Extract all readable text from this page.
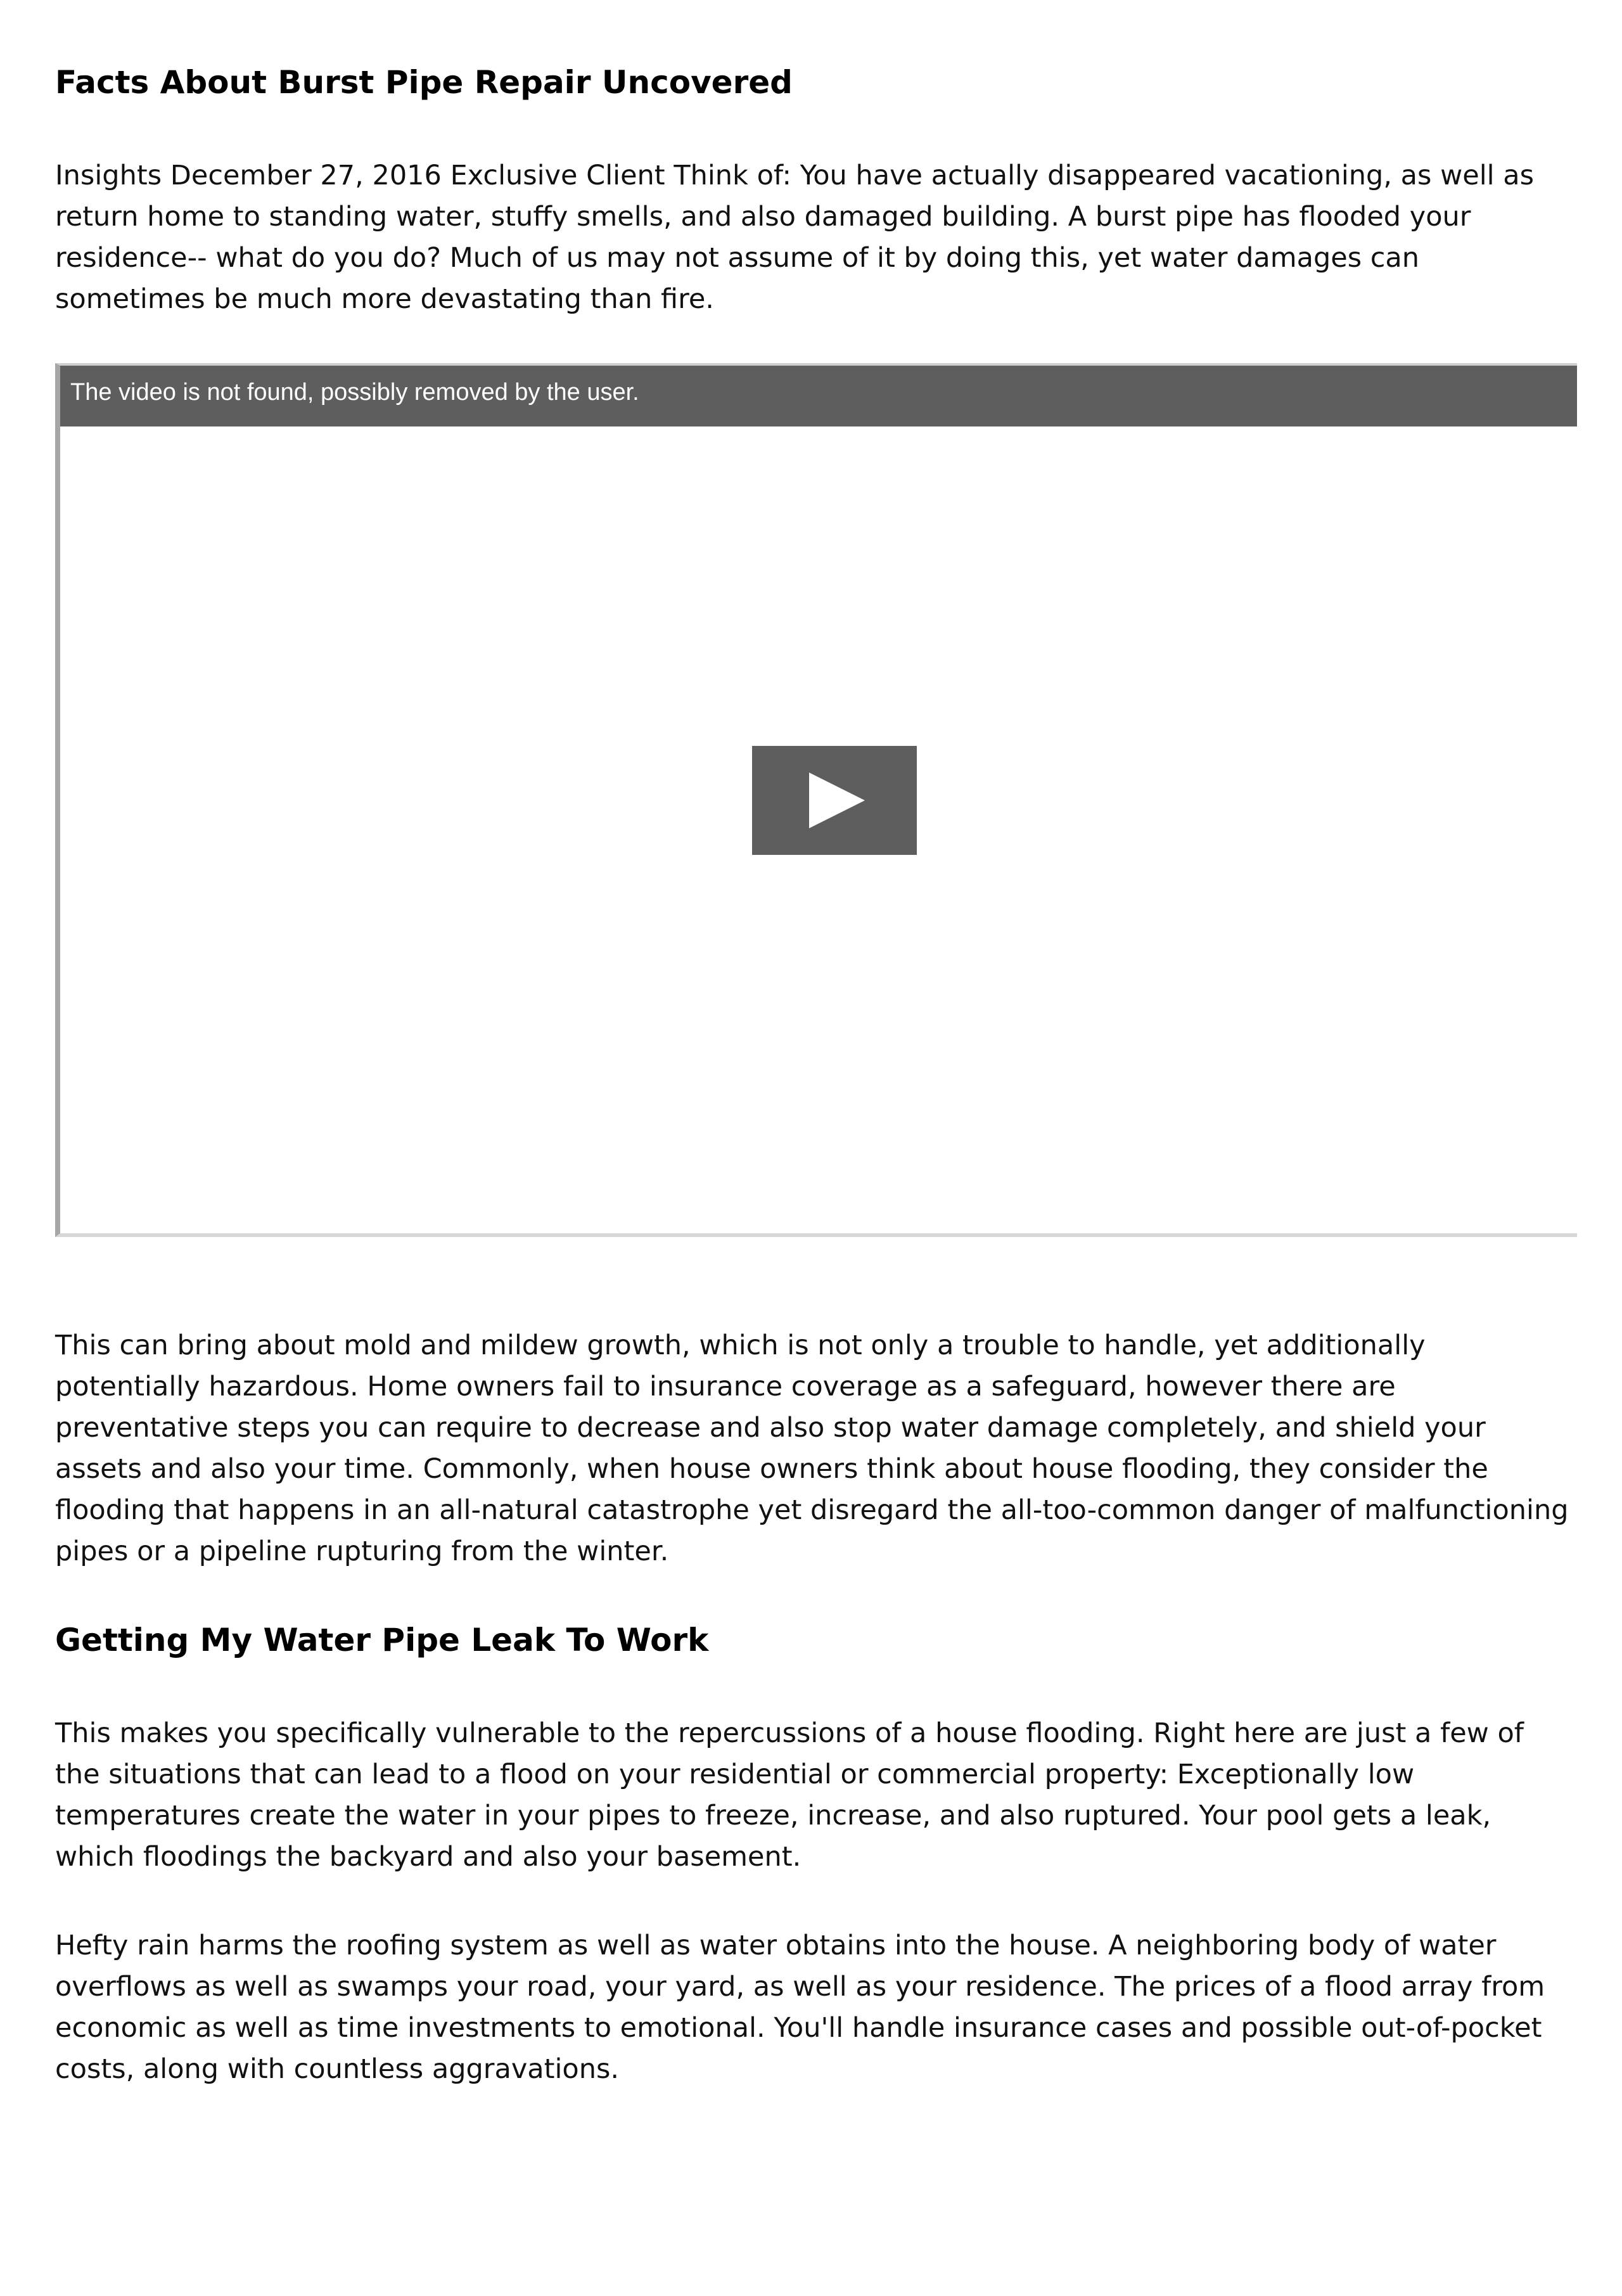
Facts About Burst Pipe Repair Uncovered

Insights December 27, 2016 Exclusive Client Think of: You have actually disappeared vacationing, as well as return home to standing water, stuffy smells, and also damaged building. A burst pipe has flooded your residence-- what do you do? Much of us may not assume of it by doing this, yet water damages can sometimes be much more devastating than fire.

The video is not found, possibly removed by the user.

This can bring about mold and mildew growth, which is not only a trouble to handle, yet additionally potentially hazardous. Home owners fail to insurance coverage as a safeguard, however there are preventative steps you can require to decrease and also stop water damage completely, and shield your assets and also your time. Commonly, when house owners think about house flooding, they consider the flooding that happens in an all-natural catastrophe yet disregard the all-too-common danger of malfunctioning pipes or a pipeline rupturing from the winter.

Getting My Water Pipe Leak To Work

This makes you specifically vulnerable to the repercussions of a house flooding. Right here are just a few of the situations that can lead to a flood on your residential or commercial property: Exceptionally low temperatures create the water in your pipes to freeze, increase, and also ruptured. Your pool gets a leak, which floodings the backyard and also your basement.

Hefty rain harms the roofing system as well as water obtains into the house. A neighboring body of water overflows as well as swamps your road, your yard, as well as your residence. The prices of a flood array from economic as well as time investments to emotional. You'll handle insurance cases and possible out-of-pocket costs, along with countless aggravations.
